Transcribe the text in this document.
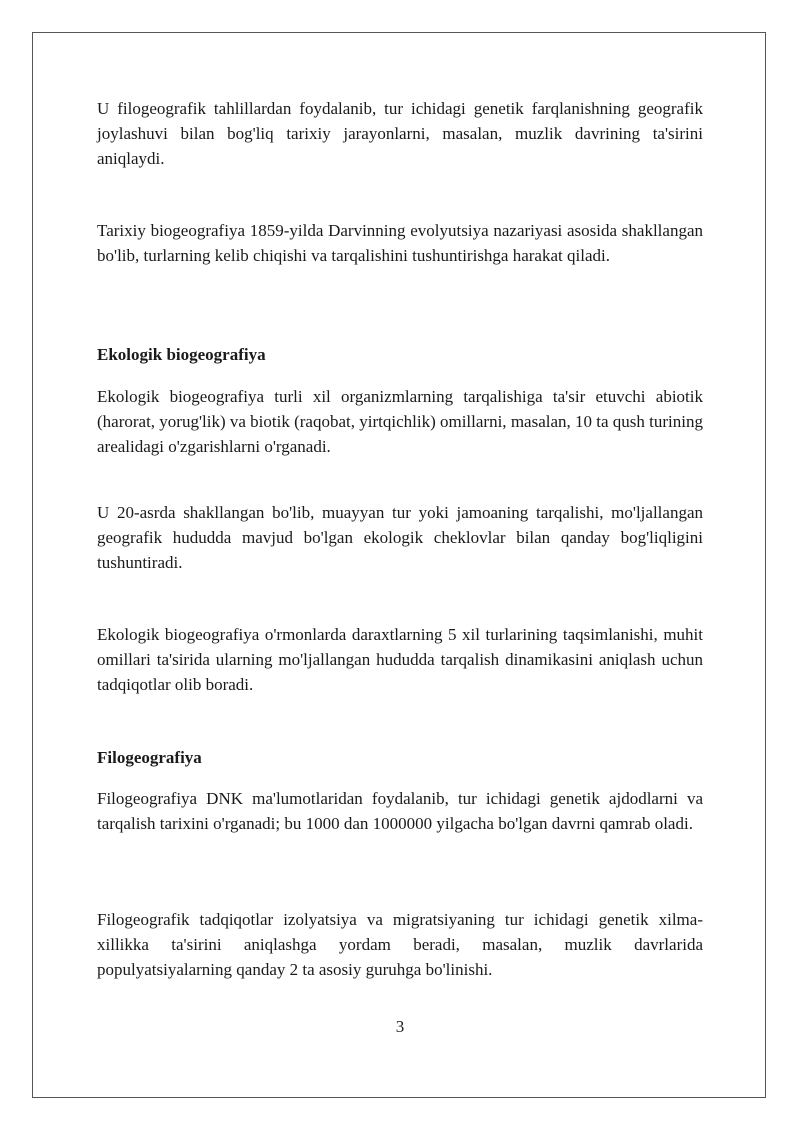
U filogeografik tahlillardan foydalanib, tur ichidagi genetik farqlanishning geografik joylashuvi bilan bog'liq tarixiy jarayonlarni, masalan, muzlik davrining ta'sirini aniqlaydi.

Tarixiy biogeografiya 1859-yilda Darvinning evolyutsiya nazariyasi asosida shakllangan bo'lib, turlarning kelib chiqishi va tarqalishini tushuntirishga harakat qiladi.

Ekologik biogeografiya

Ekologik biogeografiya turli xil organizmlarning tarqalishiga ta'sir etuvchi abiotik (harorat, yorug'lik) va biotik (raqobat, yirtqichlik) omillarni, masalan, 10 ta qush turining arealidagi o'zgarishlarni o'rganadi.

U 20-asrda shakllangan bo'lib, muayyan tur yoki jamoaning tarqalishi, mo'ljallangan geografik hududda mavjud bo'lgan ekologik cheklovlar bilan qanday bog'liqligini tushuntiradi.

Ekologik biogeografiya o'rmonlarda daraxtlarning 5 xil turlarining taqsimlanishi, muhit omillari ta'sirida ularning mo'ljallangan hududda tarqalish dinamikasini aniqlash uchun tadqiqotlar olib boradi.

Filogeografiya

Filogeografiya DNK ma'lumotlaridan foydalanib, tur ichidagi genetik ajdodlarni va tarqalish tarixini o'rganadi; bu 1000 dan 1000000 yilgacha bo'lgan davrni qamrab oladi.

Filogeografik tadqiqotlar izolyatsiya va migratsiyaning tur ichidagi genetik xilma-xillikka ta'sirini aniqlashga yordam beradi, masalan, muzlik davrlarida populyatsiyalarning qanday 2 ta asosiy guruhga bo'linishi.

3
